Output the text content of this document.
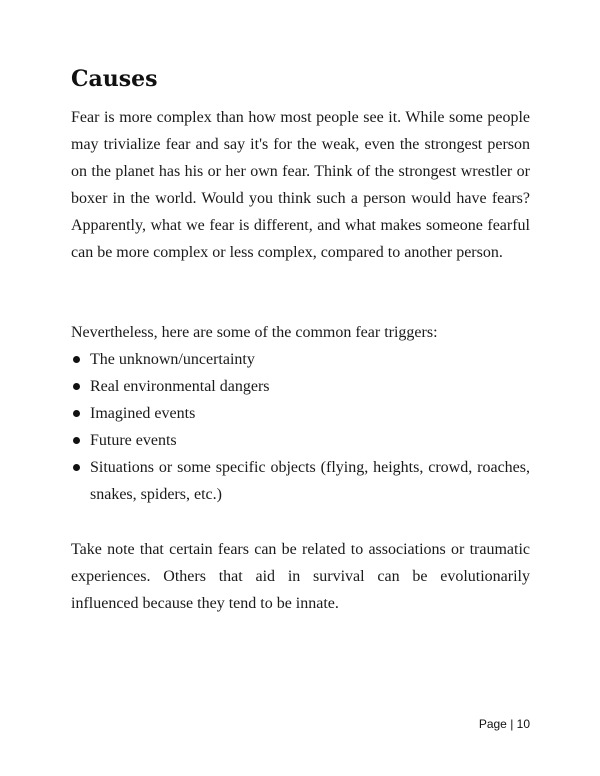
Causes

Fear is more complex than how most people see it. While some people may trivialize fear and say it's for the weak, even the strongest person on the planet has his or her own fear. Think of the strongest wrestler or boxer in the world. Would you think such a person would have fears? Apparently, what we fear is different, and what makes someone fearful can be more complex or less complex, compared to another person.

Nevertheless, here are some of the common fear triggers:

The unknown/uncertainty
Real environmental dangers
Imagined events
Future events
Situations or some specific objects (flying, heights, crowd, roaches, snakes, spiders, etc.)

Take note that certain fears can be related to associations or traumatic experiences. Others that aid in survival can be evolutionarily influenced because they tend to be innate.

Page | 10
